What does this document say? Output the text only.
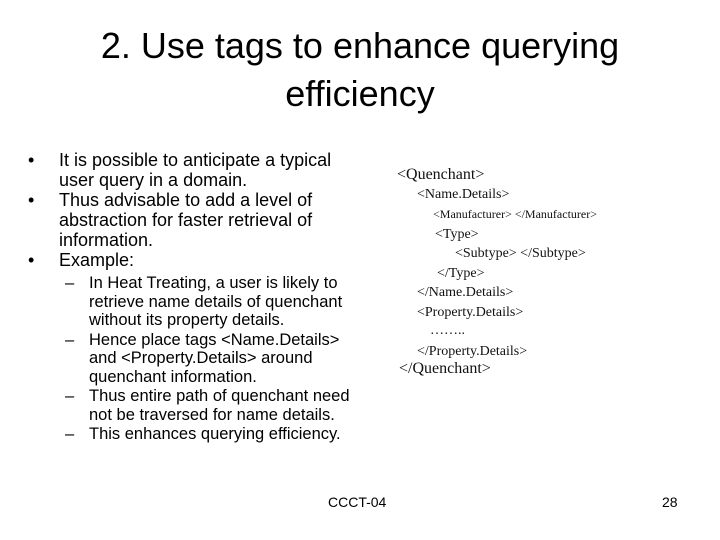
2. Use tags to enhance querying
efficiency
•	It is possible to anticipate a typical
user query in a domain.
•	Thus advisable to add a level of
abstraction for faster retrieval of
information.
•	Example:
– In Heat Treating, a user is likely to
retrieve name details of quenchant
without its property details.
– Hence place tags <Name.Details>
and <Property.Details> around
quenchant information.
– Thus entire path of quenchant need
not be traversed for name details.
– This enhances querying efficiency.
<Quenchant>
<Name.Details>
<Manufacturer> </Manufacturer>
<Type>
<Subtype> </Subtype>
</Type>
</Name.Details>
<Property.Details>
……..
</Property.Details>
</Quenchant>
CCCT-04	28
